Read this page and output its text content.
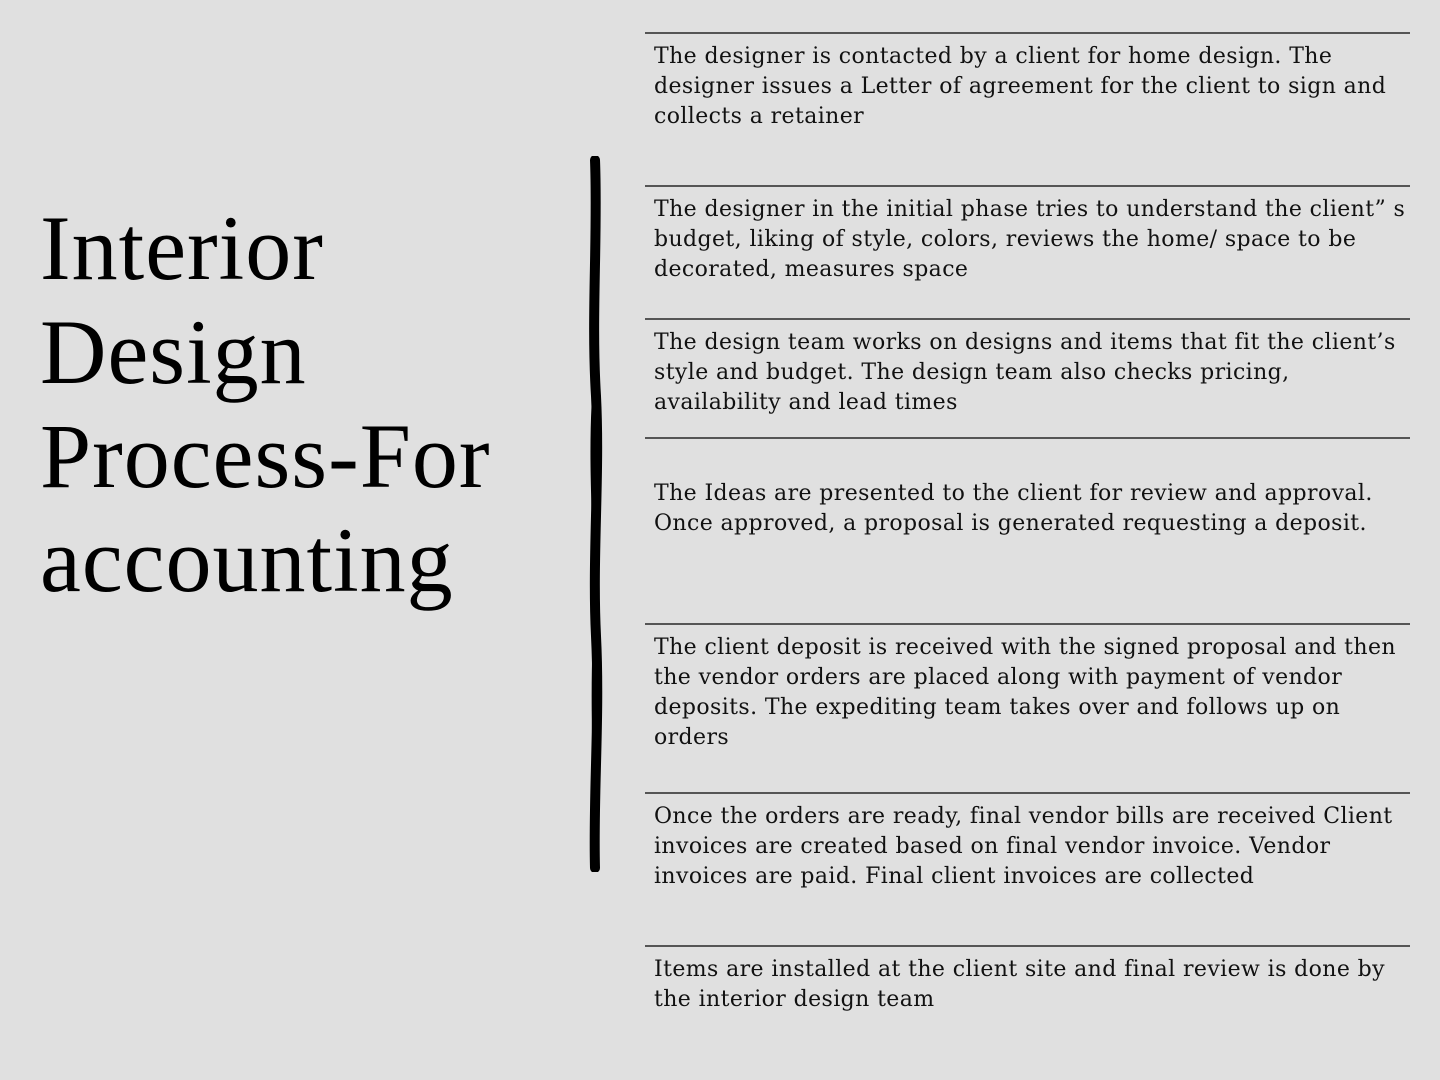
Interior
Design
Process-For
accounting
The designer is contacted by a client for home design. The designer issues a Letter of agreement for the client to sign and collects a retainer
The designer in the initial phase tries to understand the client” s budget, liking of style, colors, reviews the home/ space to be decorated, measures space
The design team works on designs and items that fit the client’s style and budget. The design team also checks pricing, availability and lead times
The Ideas are presented to the client for review and approval. Once approved, a proposal is generated requesting a deposit.
The client deposit is received with the signed proposal and then the vendor orders are placed along with payment of vendor deposits. The expediting team takes over and follows up on orders
Once the orders are ready, final vendor bills are received Client invoices are created based on final vendor invoice. Vendor invoices are paid. Final client invoices are collected
Items are installed at the client site and final review is done by the interior design team
